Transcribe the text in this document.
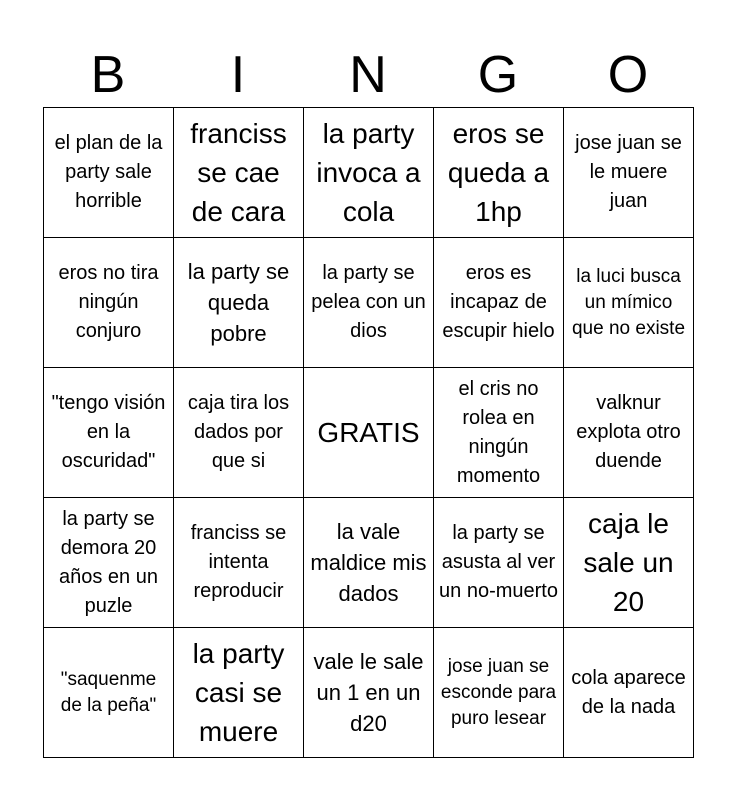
B	I	N	G	O
el plan de la party sale horrible	franciss se cae de cara	la party invoca a cola	eros se queda a 1hp	jose juan se le muere juan
eros no tira ningún conjuro	la party se queda pobre	la party se pelea con un dios	eros es incapaz de escupir hielo	la luci busca un mímico que no existe
"tengo visión en la oscuridad"	caja tira los dados por que si	GRATIS	el cris no rolea en ningún momento	valknur explota otro duende
la party se demora 20 años en un puzle	franciss se intenta reproducir	la vale maldice mis dados	la party se asusta al ver un no-muerto	caja le sale un 20
"saquenme de la peña"	la party casi se muere	vale le sale un 1 en un d20	jose juan se esconde para puro lesear	cola aparece de la nada
